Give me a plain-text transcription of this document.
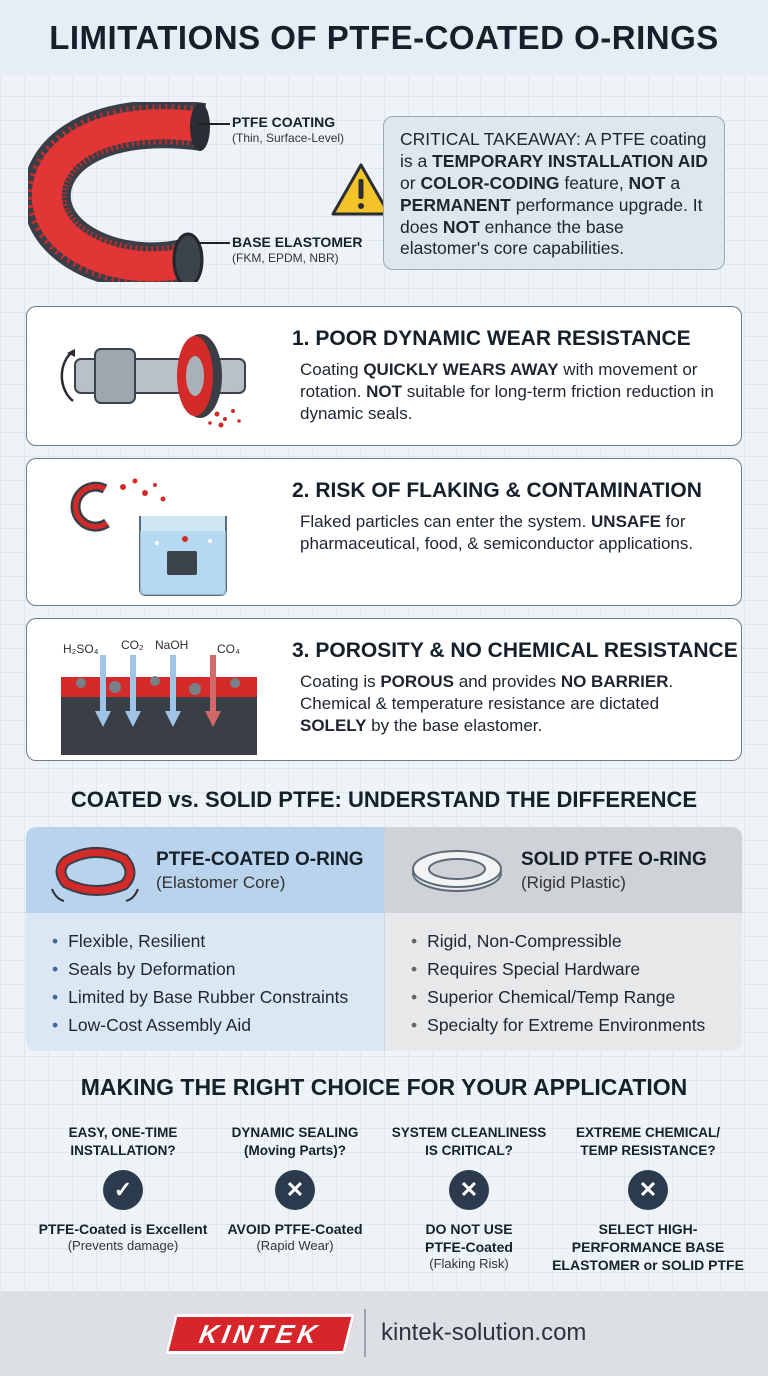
LIMITATIONS OF PTFE-COATED O-RINGS
PTFE COATING
(Thin, Surface-Level)
BASE ELASTOMER
(FKM, EPDM, NBR)
CRITICAL TAKEAWAY: A PTFE coating is a TEMPORARY INSTALLATION AID or COLOR-CODING feature, NOT a PERMANENT performance upgrade. It does NOT enhance the base elastomer's core capabilities.
1. POOR DYNAMIC WEAR RESISTANCE

Coating QUICKLY WEARS AWAY with movement or rotation. NOT suitable for long-term friction reduction in dynamic seals.

2. RISK OF FLAKING & CONTAMINATION

Flaked particles can enter the system. UNSAFE for pharmaceutical, food, & semiconductor applications.

H₂SO₄ CO₂ NaOH CO₄ 3. POROSITY & NO CHEMICAL RESISTANCE

Coating is POROUS and provides NO BARRIER. Chemical & temperature resistance are dictated SOLELY by the base elastomer.

COATED vs. SOLID PTFE: UNDERSTAND THE DIFFERENCE
PTFE-COATED O-RING
(Elastomer Core)
• Flexible, Resilient
• Seals by Deformation
• Limited by Base Rubber Constraints
• Low-Cost Assembly Aid
SOLID PTFE O-RING
(Rigid Plastic)
• Rigid, Non-Compressible
• Requires Special Hardware
• Superior Chemical/Temp Range
• Specialty for Extreme Environments
MAKING THE RIGHT CHOICE FOR YOUR APPLICATION
EASY, ONE-TIME
INSTALLATION?
✓
PTFE-Coated is Excellent
(Prevents damage)
DYNAMIC SEALING
(Moving Parts)?
✕
AVOID PTFE-Coated
(Rapid Wear)
SYSTEM CLEANLINESS
IS CRITICAL?
✕
DO NOT USE PTFE-Coated
(Flaking Risk)
EXTREME CHEMICAL/
TEMP RESISTANCE?
✕
SELECT HIGH-PERFORMANCE BASE ELASTOMER or SOLID PTFE
KINTEK	kintek-solution.com
